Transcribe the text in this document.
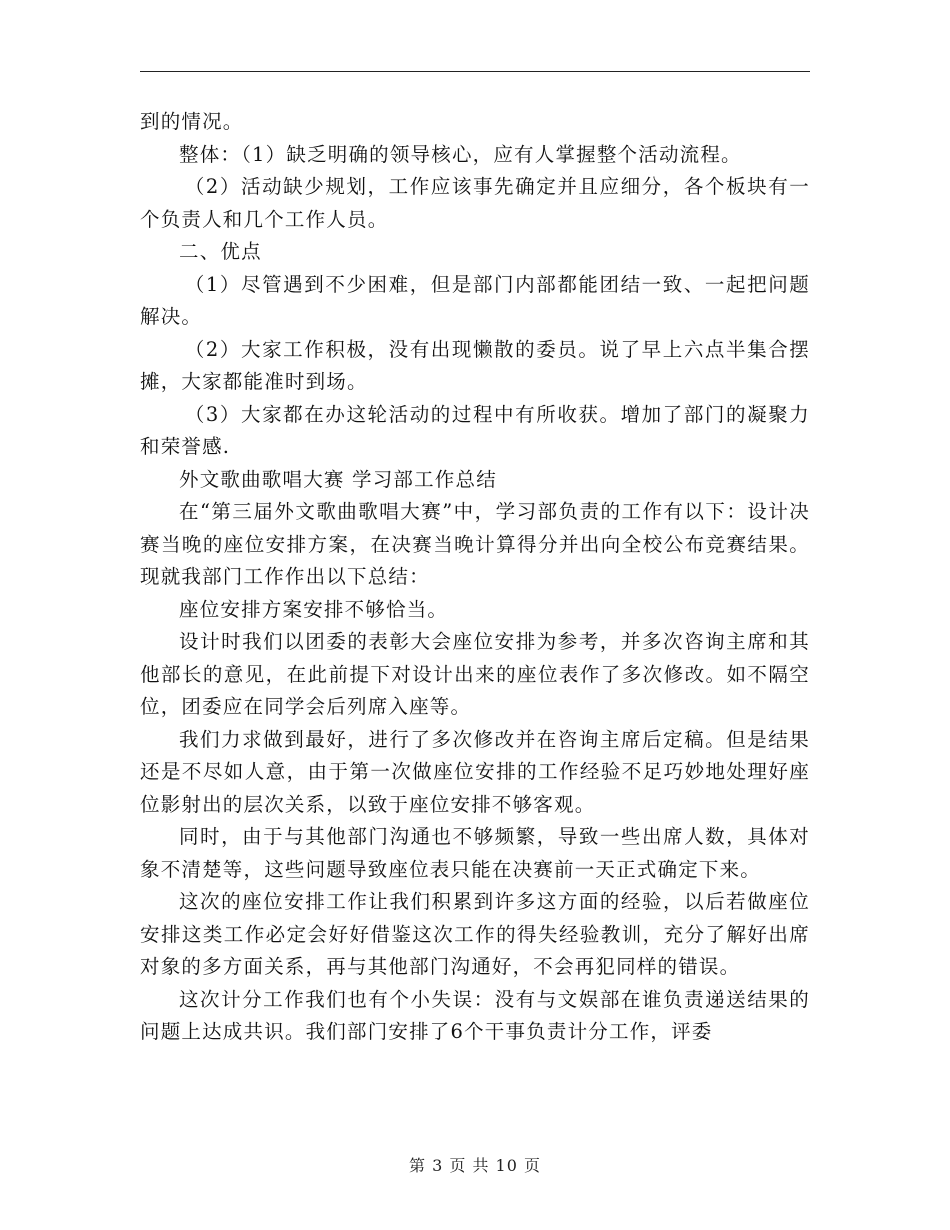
到的情况。

整体：（1）缺乏明确的领导核心，应有人掌握整个活动流程。

（2）活动缺少规划，工作应该事先确定并且应细分，各个板块有一个负责人和几个工作人员。

二、优点

（1）尽管遇到不少困难，但是部门内部都能团结一致、一起把问题解决。

（2）大家工作积极，没有出现懒散的委员。说了早上六点半集合摆摊，大家都能准时到场。

（3）大家都在办这轮活动的过程中有所收获。增加了部门的凝聚力和荣誉感.

外文歌曲歌唱大赛 学习部工作总结

在“第三届外文歌曲歌唱大赛”中，学习部负责的工作有以下：设计决赛当晚的座位安排方案，在决赛当晚计算得分并出向全校公布竞赛结果。现就我部门工作作出以下总结：

座位安排方案安排不够恰当。

设计时我们以团委的表彰大会座位安排为参考，并多次咨询主席和其他部长的意见，在此前提下对设计出来的座位表作了多次修改。如不隔空位，团委应在同学会后列席入座等。

我们力求做到最好，进行了多次修改并在咨询主席后定稿。但是结果还是不尽如人意，由于第一次做座位安排的工作经验不足巧妙地处理好座位影射出的层次关系，以致于座位安排不够客观。

同时，由于与其他部门沟通也不够频繁，导致一些出席人数，具体对象不清楚等，这些问题导致座位表只能在决赛前一天正式确定下来。

这次的座位安排工作让我们积累到许多这方面的经验，以后若做座位安排这类工作必定会好好借鉴这次工作的得失经验教训，充分了解好出席对象的多方面关系，再与其他部门沟通好，不会再犯同样的错误。

这次计分工作我们也有个小失误：没有与文娱部在谁负责递送结果的问题上达成共识。我们部门安排了6个干事负责计分工作，评委

第 3 页 共 10 页
